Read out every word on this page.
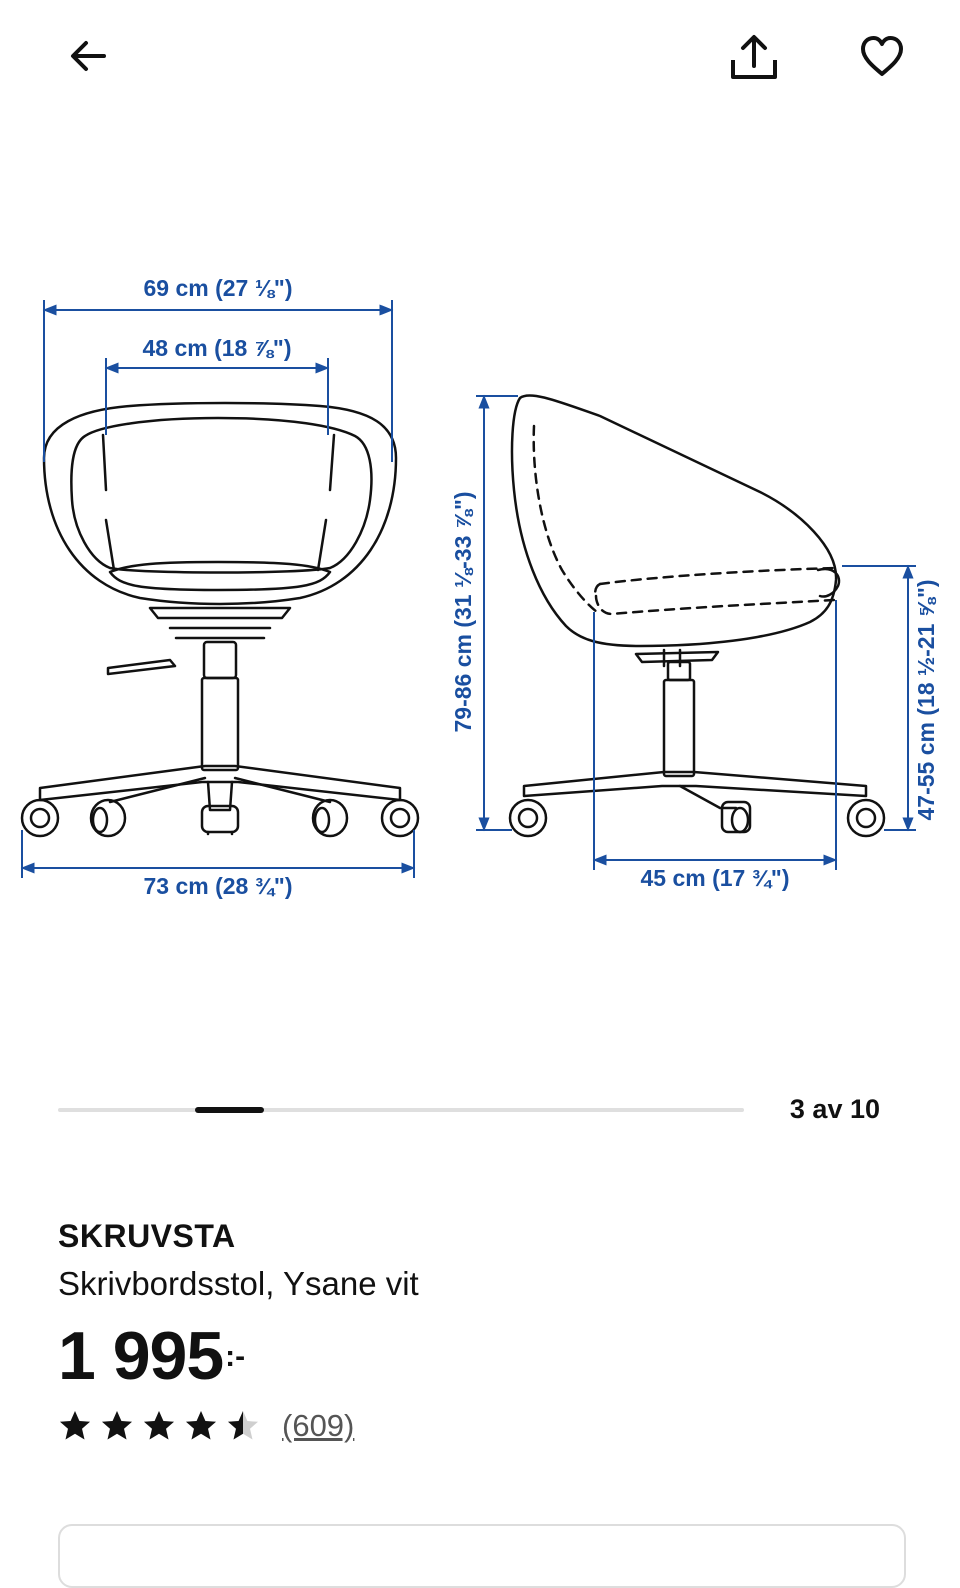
69 cm (27 ⅛")
48 cm (18 ⅞")
73 cm (28 ¾")
79-86 cm (31 ⅛-33 ⅞")	47-55 cm (18 ½-21 ⅝")
45 cm (17 ¾")
3 av 10
SKRUVSTA

Skrivbordsstol, Ysane vit

1 995 :-
(609)
